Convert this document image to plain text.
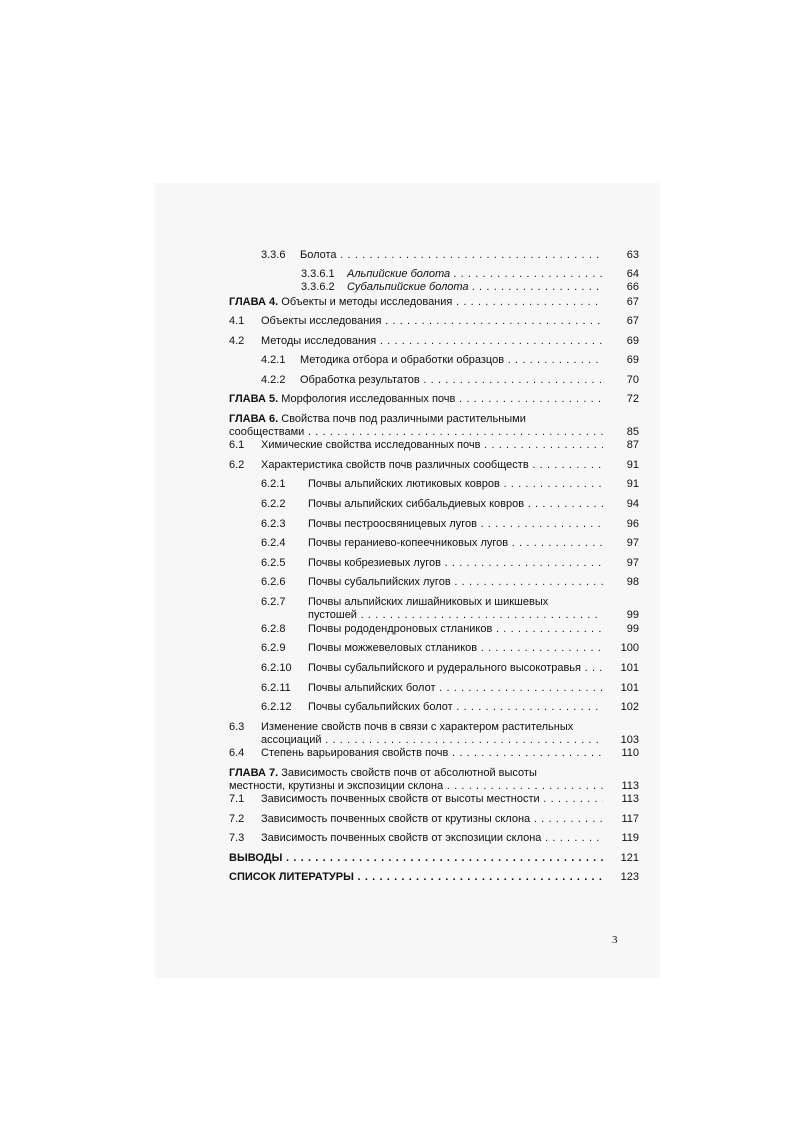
3.3.6 Болота . . .	63
3.3.6.1 Альпийские болота . . .	64
3.3.6.2 Субальпийские болота . . .	66
ГЛАВА 4. Объекты и методы исследования . . .	67
4.1 Объекты исследования . . .	67
4.2 Методы исследования . . .	69
4.2.1 Методика отбора и обработки образцов . . .	69
4.2.2 Обработка результатов . . .	70
ГЛАВА 5. Морфология исследованных почв . . .	72
ГЛАВА 6. Свойства почв под различными растительными
сообществами . . .	85
6.1 Химические свойства исследованных почв . . .	87
6.2 Характеристика свойств почв различных сообществ . . .	91
6.2.1 Почвы альпийских лютиковых ковров . . .	91
6.2.2 Почвы альпийских сиббальдиевых ковров . . .	94
6.2.3 Почвы пестроосвяницевых лугов . . .	96
6.2.4 Почвы гераниево-копеечниковых лугов . . .	97
6.2.5 Почвы кобрезиевых лугов . . .	97
6.2.6 Почвы субальпийских лугов . . .	98
6.2.7 Почвы альпийских лишайниковых и шикшевых
пустошей . . .	99
6.2.8 Почвы рододендроновых стлаников . . .	99
6.2.9 Почвы можжевеловых стлаников . . .	100
6.2.10 Почвы субальпийского и рудерального высокотравья . . .	101
6.2.11 Почвы альпийских болот . . .	101
6.2.12 Почвы субальпийских болот . . .	102
6.3 Изменение свойств почв в связи с характером растительных
ассоциаций . . .	103
6.4 Степень варьирования свойств почв . . .	110
ГЛАВА 7. Зависимость свойств почв от абсолютной высоты
местности, крутизны и экспозиции склона . . .	113
7.1 Зависимость почвенных свойств от высоты местности . . .	113
7.2 Зависимость почвенных свойств от крутизны склона . . .	117
7.3 Зависимость почвенных свойств от экспозиции склона . . .	119
ВЫВОДЫ . . .	121
СПИСОК ЛИТЕРАТУРЫ . . .	123
3
